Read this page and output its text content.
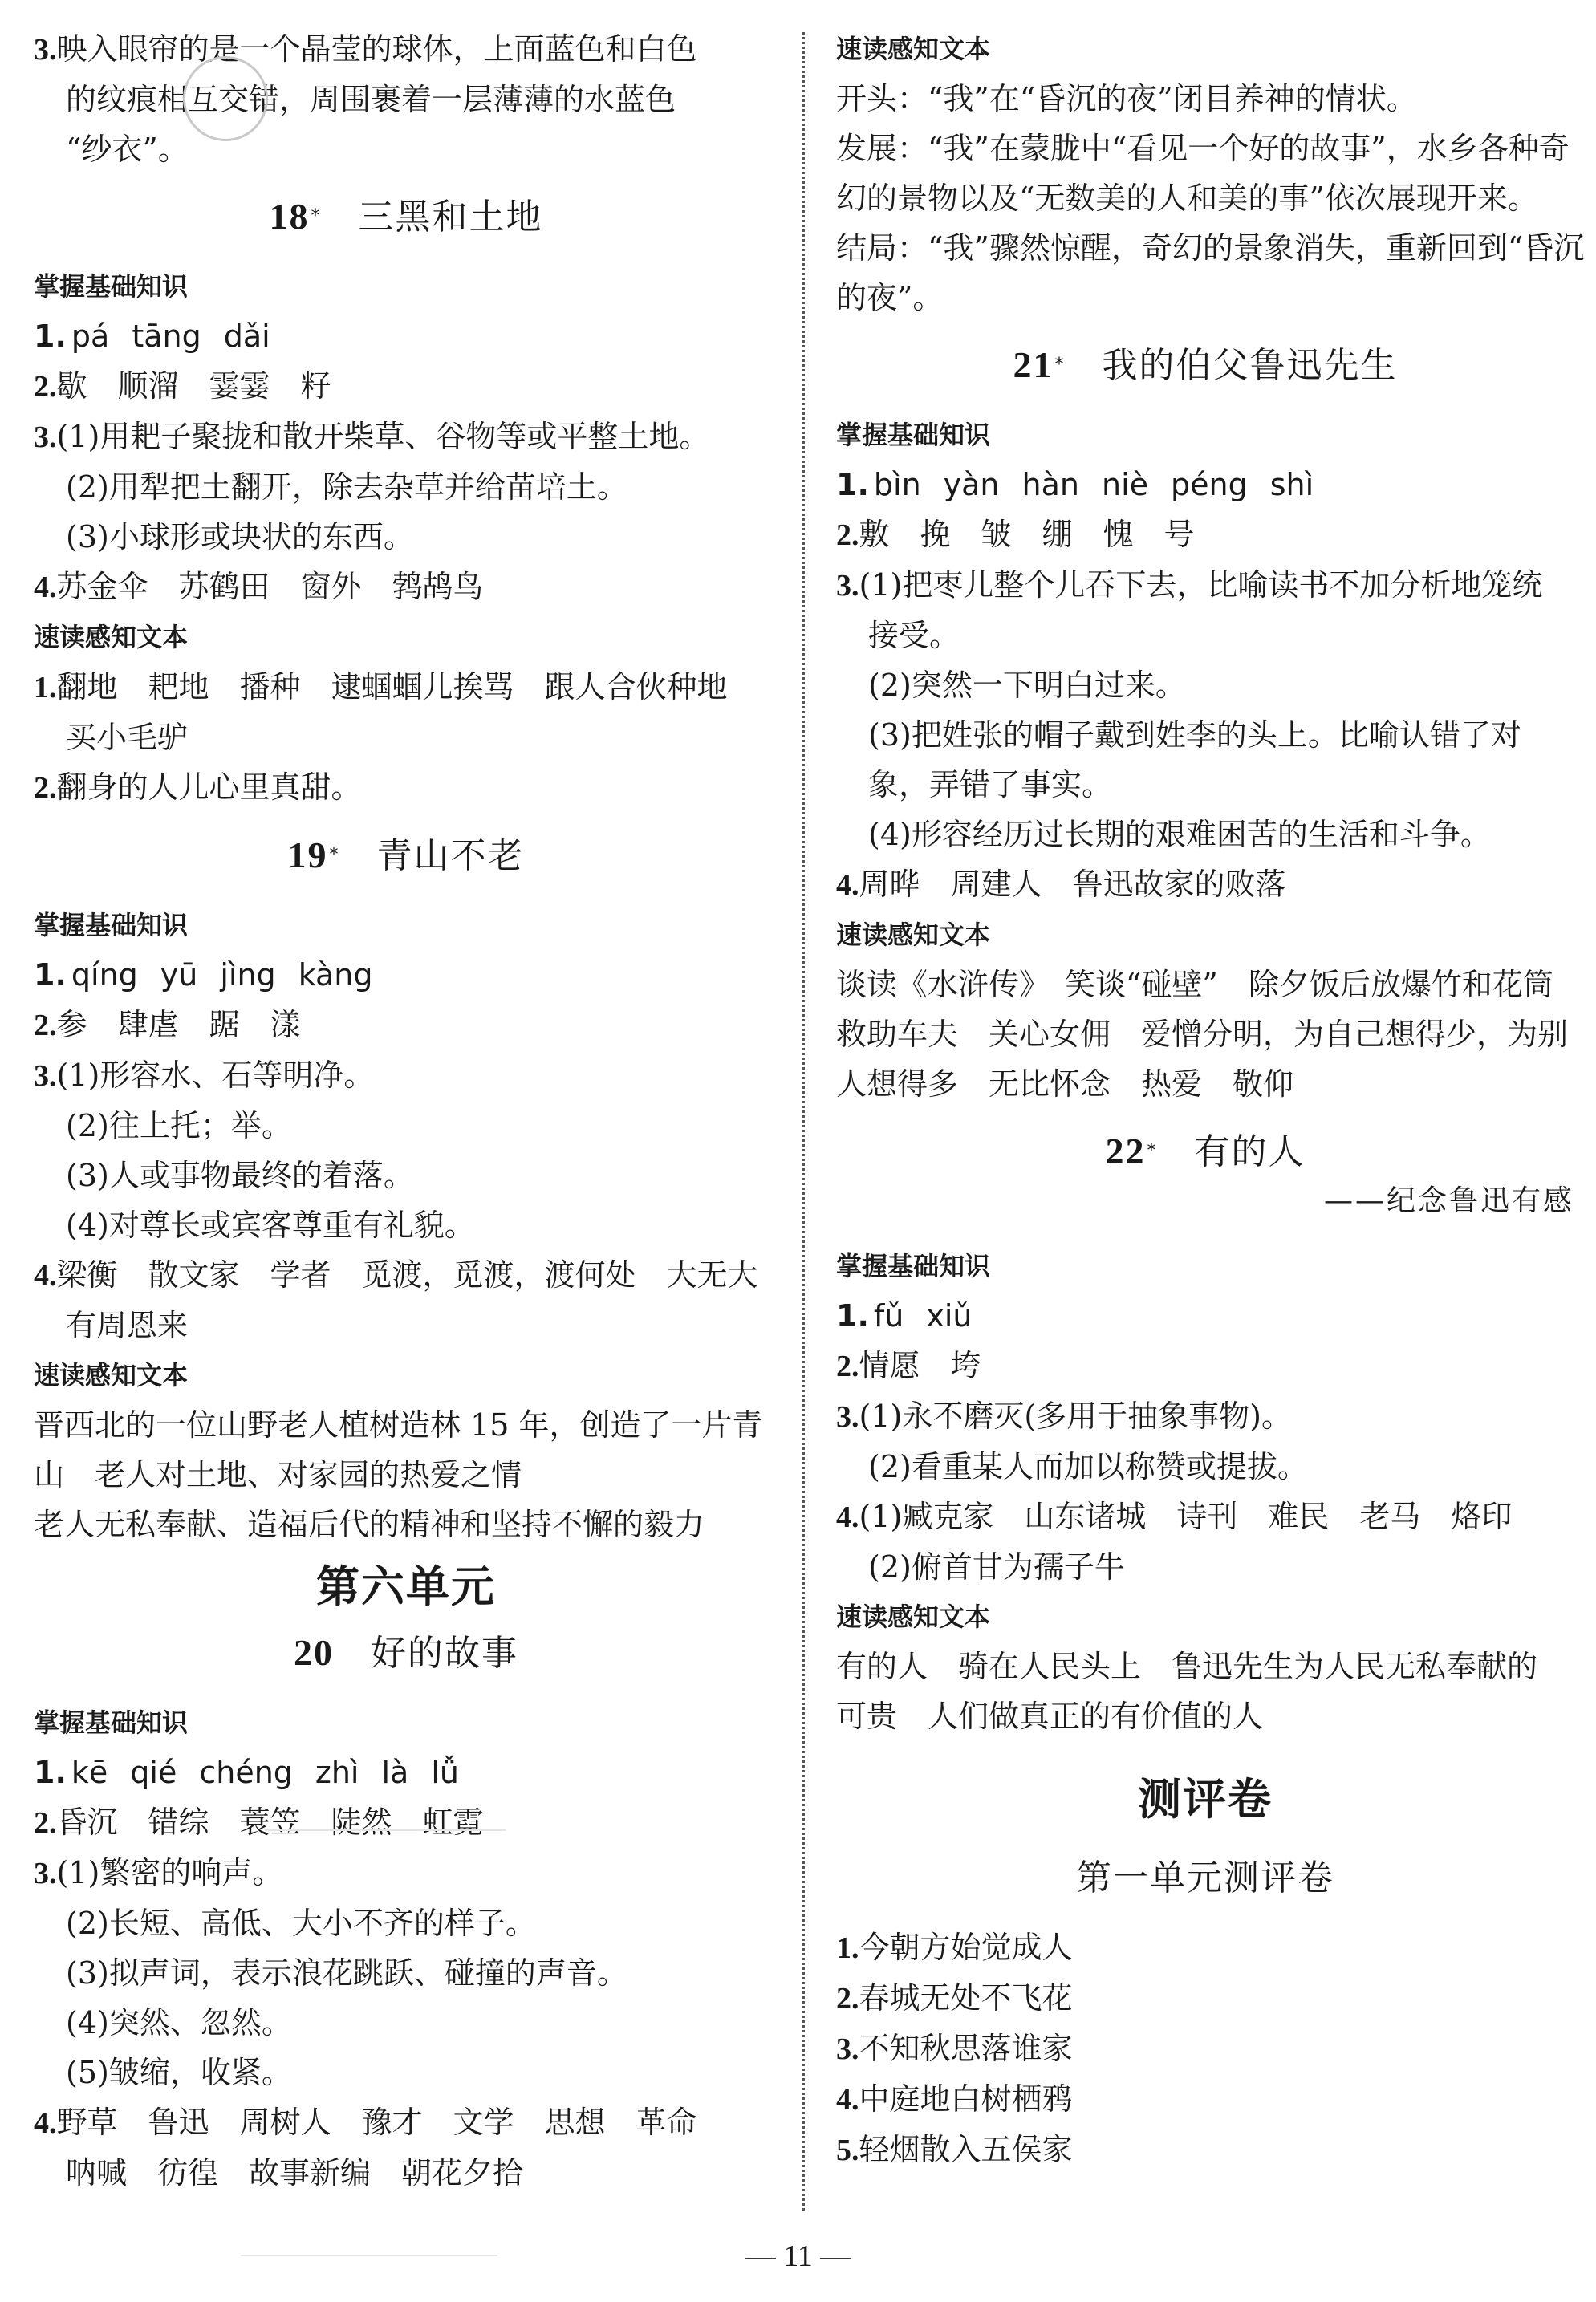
3.映入眼帘的是一个晶莹的球体，上面蓝色和白色
的纹痕相互交错，周围裹着一层薄薄的水蓝色
“纱衣”。
18* 三黑和土地
掌握基础知识
1. pá tāng dǎi
2.歇　顺溜　霎霎　籽
3.(1)用耙子聚拢和散开柴草、谷物等或平整土地。
(2)用犁把土翻开，除去杂草并给苗培土。
(3)小球形或块状的东西。
4.苏金伞　苏鹤田　窗外　鹁鸪鸟
速读感知文本
1.翻地　耙地　播种　逮蝈蝈儿挨骂　跟人合伙种地
买小毛驴
2.翻身的人儿心里真甜。
19* 青山不老
掌握基础知识
1. qíng yū jìng kàng
2.参　肆虐　踞　漾
3.(1)形容水、石等明净。
(2)往上托；举。
(3)人或事物最终的着落。
(4)对尊长或宾客尊重有礼貌。
4.梁衡　散文家　学者　觅渡，觅渡，渡何处　大无大
有周恩来
速读感知文本
晋西北的一位山野老人植树造林 15 年，创造了一片青
山　老人对土地、对家园的热爱之情
老人无私奉献、造福后代的精神和坚持不懈的毅力
第六单元
20 好的故事
掌握基础知识
1. kē qié chéng zhì là lǚ
2.昏沉　错综　蓑笠　陡然　虹霓
3.(1)繁密的响声。
(2)长短、高低、大小不齐的样子。
(3)拟声词，表示浪花跳跃、碰撞的声音。
(4)突然、忽然。
(5)皱缩，收紧。
4.野草　鲁迅　周树人　豫才　文学　思想　革命
呐喊　彷徨　故事新编　朝花夕拾
速读感知文本
开头：“我”在“昏沉的夜”闭目养神的情状。
发展：“我”在蒙胧中“看见一个好的故事”，水乡各种奇
幻的景物以及“无数美的人和美的事”依次展现开来。
结局：“我”骤然惊醒，奇幻的景象消失，重新回到“昏沉
的夜”。
21* 我的伯父鲁迅先生
掌握基础知识
1. bìn yàn hàn niè péng shì
2.敷　挽　皱　绷　愧　号
3.(1)把枣儿整个儿吞下去，比喻读书不加分析地笼统
接受。
(2)突然一下明白过来。
(3)把姓张的帽子戴到姓李的头上。比喻认错了对
象，弄错了事实。
(4)形容经历过长期的艰难困苦的生活和斗争。
4.周晔　周建人　鲁迅故家的败落
速读感知文本
谈读《水浒传》　笑谈“碰壁”　除夕饭后放爆竹和花筒
救助车夫　关心女佣　爱憎分明，为自己想得少，为别
人想得多　无比怀念　热爱　敬仰
22* 有的人
——纪念鲁迅有感
掌握基础知识
1. fǔ xiǔ
2.情愿　垮
3.(1)永不磨灭(多用于抽象事物)。
(2)看重某人而加以称赞或提拔。
4.(1)臧克家　山东诸城　诗刊　难民　老马　烙印
(2)俯首甘为孺子牛
速读感知文本
有的人　骑在人民头上　鲁迅先生为人民无私奉献的
可贵　人们做真正的有价值的人
测评卷
第一单元测评卷
1.今朝方始觉成人
2.春城无处不飞花
3.不知秋思落谁家
4.中庭地白树栖鸦
5.轻烟散入五侯家
— 11 —
